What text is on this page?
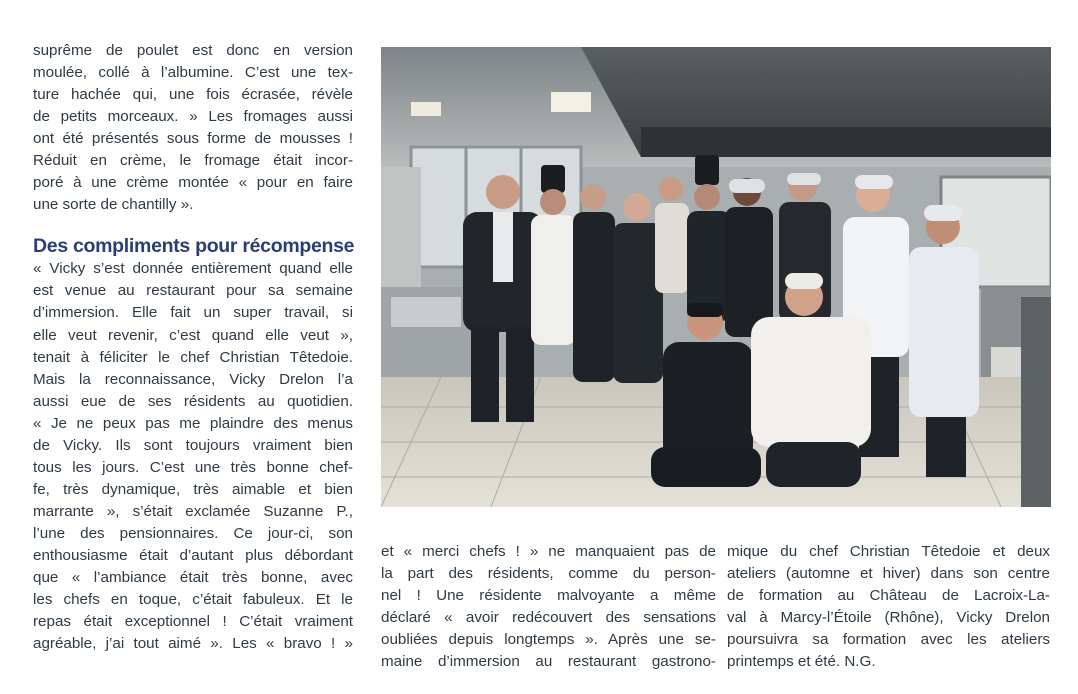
suprême de poulet est donc en version
moulée, collé à l’albumine. C’est une tex-
ture hachée qui, une fois écrasée, révèle
de petits morceaux. » Les fromages aussi
ont été présentés sous forme de mousses !
Réduit en crème, le fromage était incor-
poré à une crème montée « pour en faire
une sorte de chantilly ».

Des compliments pour récompense

« Vicky s’est donnée entièrement quand elle
est venue au restaurant pour sa semaine
d’immersion. Elle fait un super travail, si
elle veut revenir, c’est quand elle veut »,
tenait à féliciter le chef Christian Têtedoie.
Mais la reconnaissance, Vicky Drelon l’a
aussi eue de ses résidents au quotidien.
« Je ne peux pas me plaindre des menus
de Vicky. Ils sont toujours vraiment bien
tous les jours. C’est une très bonne chef-
fe, très dynamique, très aimable et bien
marrante », s’était exclamée Suzanne P.,
l’une des pensionnaires. Ce jour-ci, son
enthousiasme était d’autant plus débordant
que « l’ambiance était très bonne, avec
les chefs en toque, c’était fabuleux. Et le
repas était exceptionnel ! C’était vraiment
agréable, j’ai tout aimé ». Les « bravo ! »

et « merci chefs ! » ne manquaient pas de
la part des résidents, comme du person-
nel ! Une résidente malvoyante a même
déclaré « avoir redécouvert des sensations
oubliées depuis longtemps ». Après une se-
maine d’immersion au restaurant gastrono-

mique du chef Christian Têtedoie et deux
ateliers (automne et hiver) dans son centre
de formation au Château de Lacroix-La-
val à Marcy-l’Étoile (Rhône), Vicky Drelon
poursuivra sa formation avec les ateliers
printemps et été. N.G.
